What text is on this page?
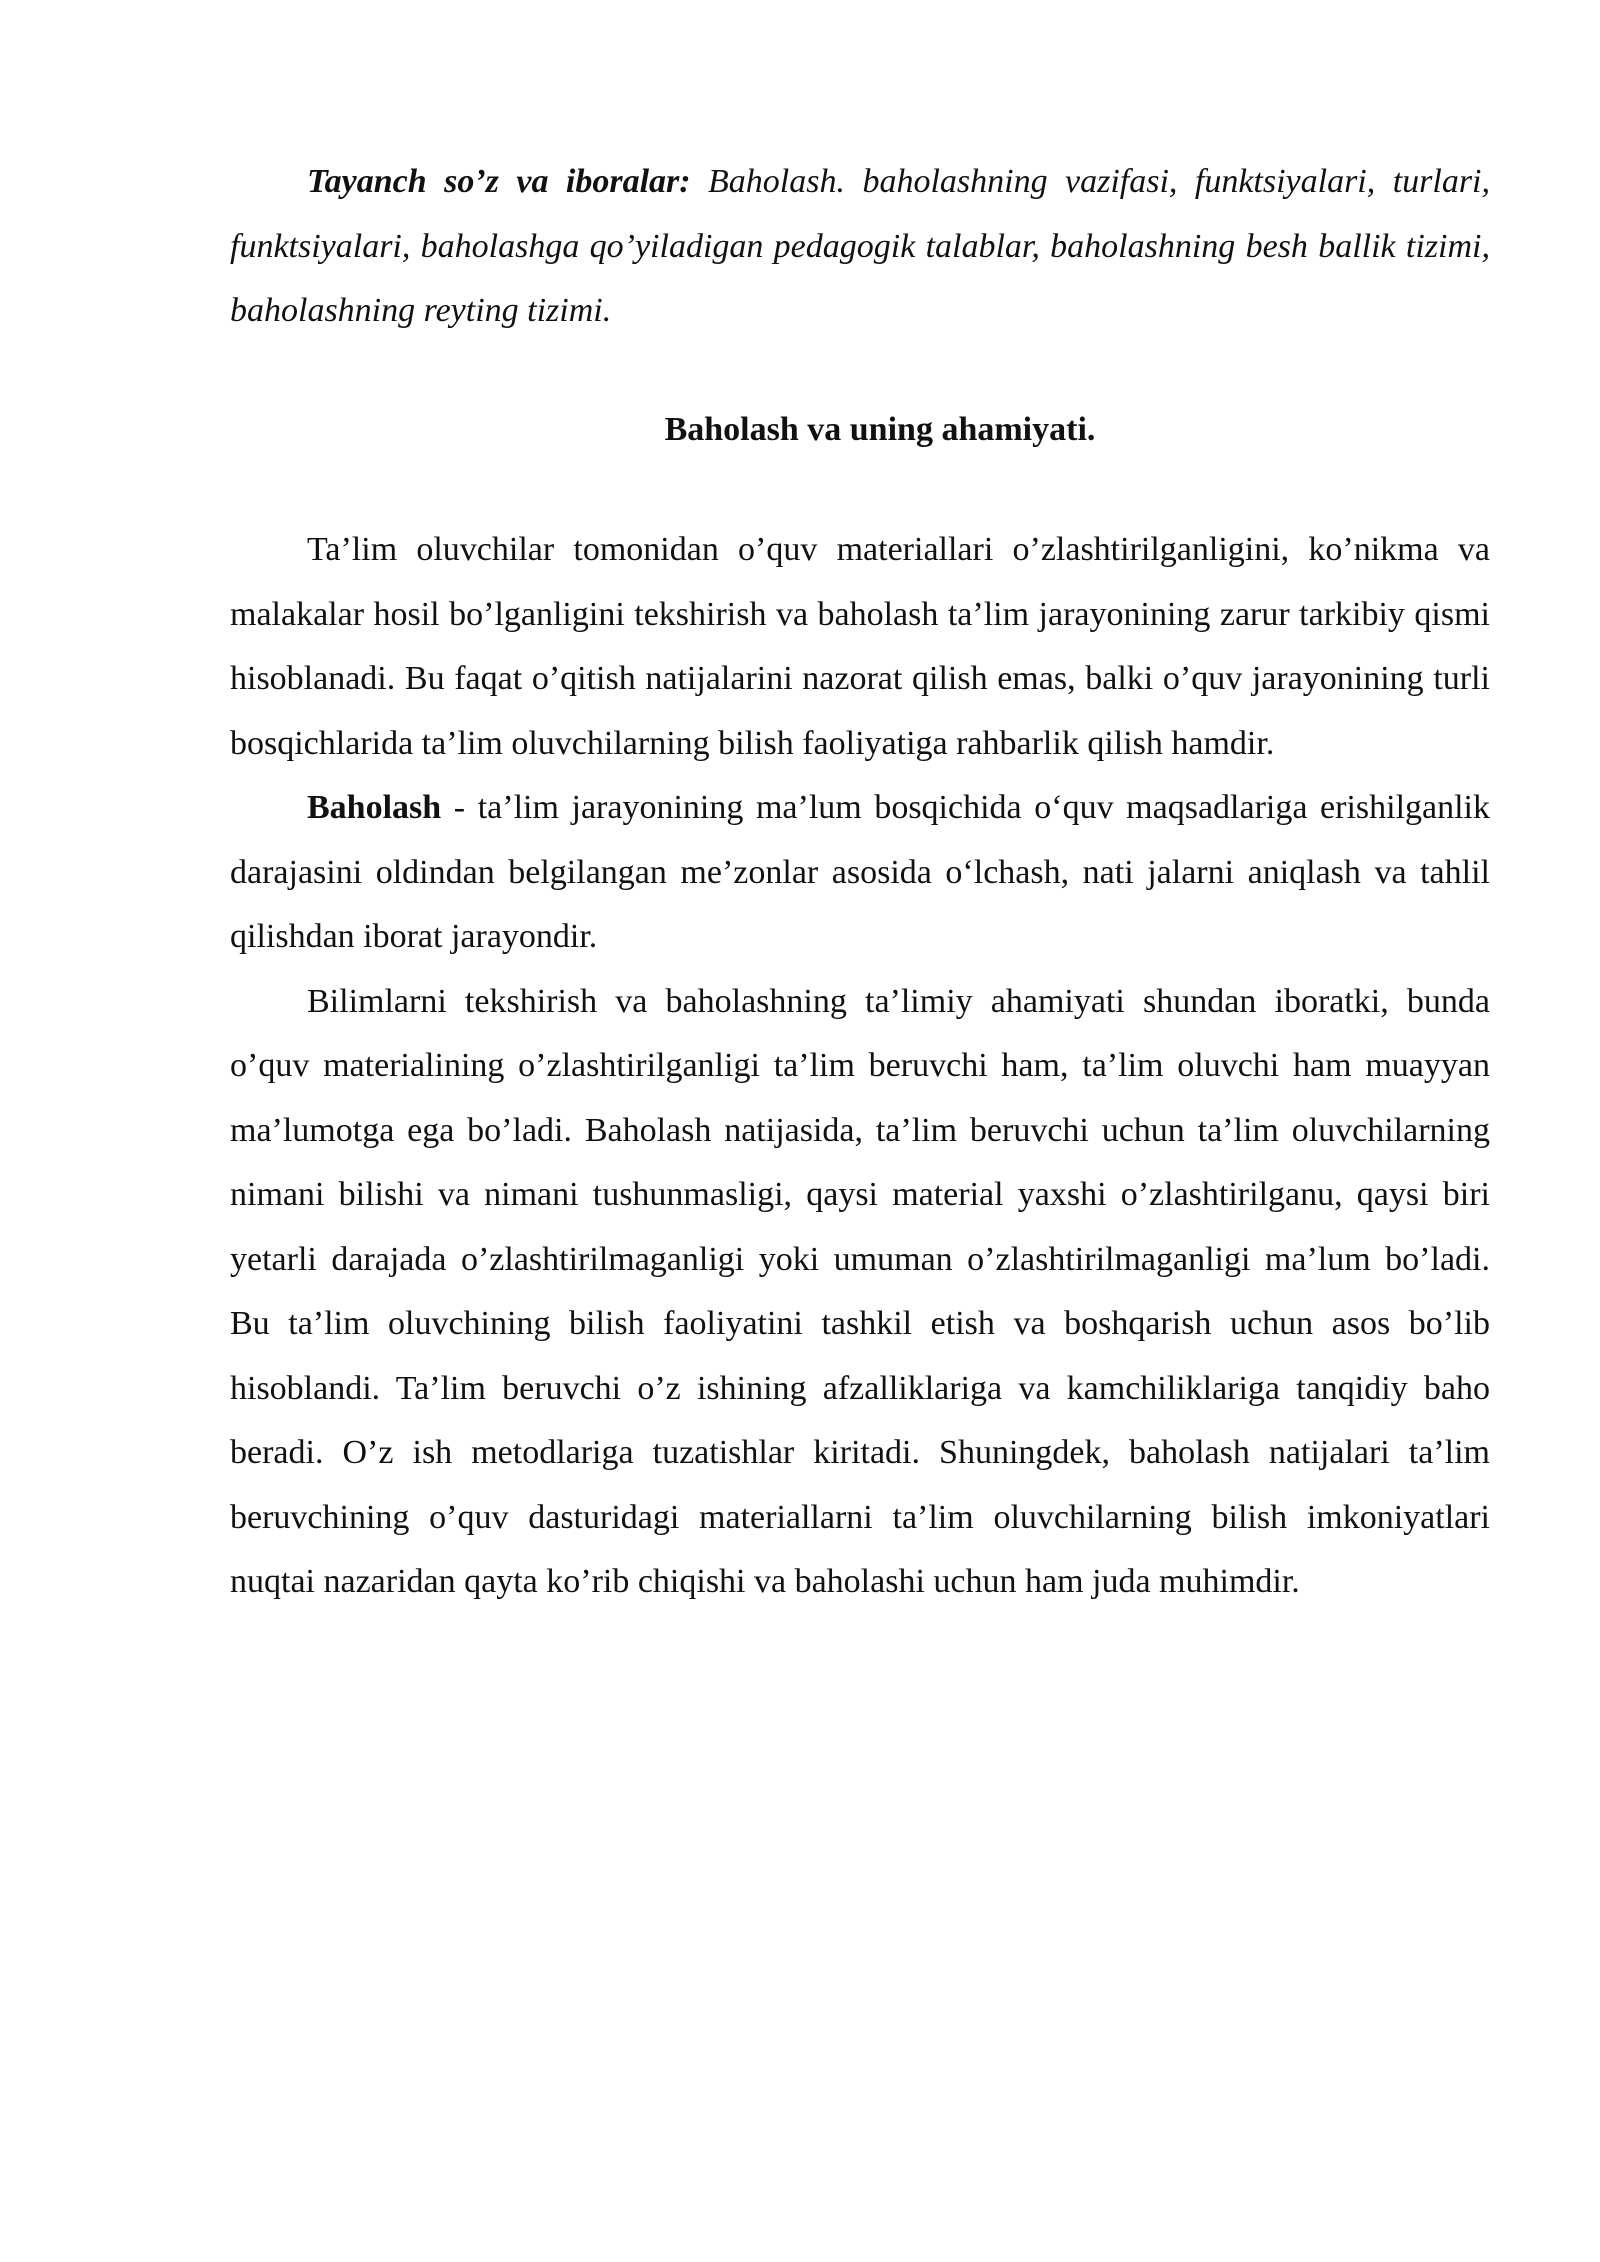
Tayanch so’z va iboralar: Baholash. baholashning vazifasi, funktsiyalari, turlari, funktsiyalari, baholashga qo’yiladigan pedagogik talablar, baholashning besh ballik tizimi, baholashning reyting tizimi.

Baholash va uning ahamiyati.

Ta’lim oluvchilar tomonidan o’quv materiallari o’zlashtirilganligini, ko’nikma va malakalar hosil bo’lganligini tekshirish va baholash ta’lim jarayonining zarur tarkibiy qismi hisoblanadi. Bu faqat o’qitish natijalarini nazorat qilish emas, balki o’quv jarayonining turli bosqichlarida ta’lim oluvchilarning bilish faoliyatiga rahbarlik qilish hamdir.

Baholash - ta’lim jarayonining ma’lum bosqichida o‘quv maqsadlariga erishilganlik darajasini oldindan belgilangan me’zonlar asosida o‘lchash, nati jalarni aniqlash va tahlil qilishdan iborat jarayondir.

Bilimlarni tekshirish va baholashning ta’limiy ahamiyati shundan iboratki, bunda o’quv materialining o’zlashtirilganligi ta’lim beruvchi ham, ta’lim oluvchi ham muayyan ma’lumotga ega bo’ladi. Baholash natijasida, ta’lim beruvchi uchun ta’lim oluvchilarning nimani bilishi va nimani tushunmasligi, qaysi material yaxshi o’zlashtirilganu, qaysi biri yetarli darajada o’zlashtirilmaganligi yoki umuman o’zlashtirilmaganligi ma’lum bo’ladi. Bu ta’lim oluvchining bilish faoliyatini tashkil etish va boshqarish uchun asos bo’lib hisoblandi. Ta’lim beruvchi o’z ishining afzalliklariga va kamchiliklariga tanqidiy baho beradi. O’z ish metodlariga tuzatishlar kiritadi. Shuningdek, baholash natijalari ta’lim beruvchining o’quv dasturidagi materiallarni ta’lim oluvchilarning bilish imkoniyatlari nuqtai nazaridan qayta ko’rib chiqishi va baholashi uchun ham juda muhimdir.
